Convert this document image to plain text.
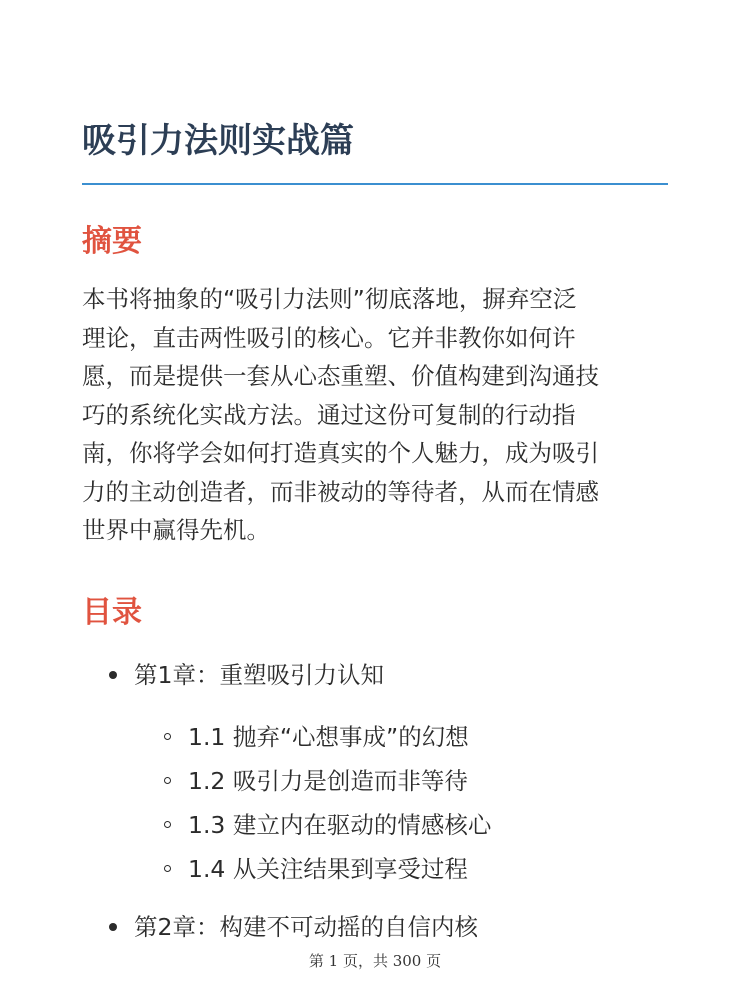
吸引力法则实战篇
摘要

本书将抽象的“吸引力法则”彻底落地，摒弃空泛
理论，直击两性吸引的核心。它并非教你如何许
愿，而是提供一套从心态重塑、价值构建到沟通技
巧的系统化实战方法。通过这份可复制的行动指
南，你将学会如何打造真实的个人魅力，成为吸引
力的主动创造者，而非被动的等待者，从而在情感
世界中赢得先机。

目录
第1章：重塑吸引力认知
1.1 抛弃“心想事成”的幻想
1.2 吸引力是创造而非等待
1.3 建立内在驱动的情感核心
1.4 从关注结果到享受过程
第2章：构建不可动摇的自信内核
第 1 页，共 300 页
